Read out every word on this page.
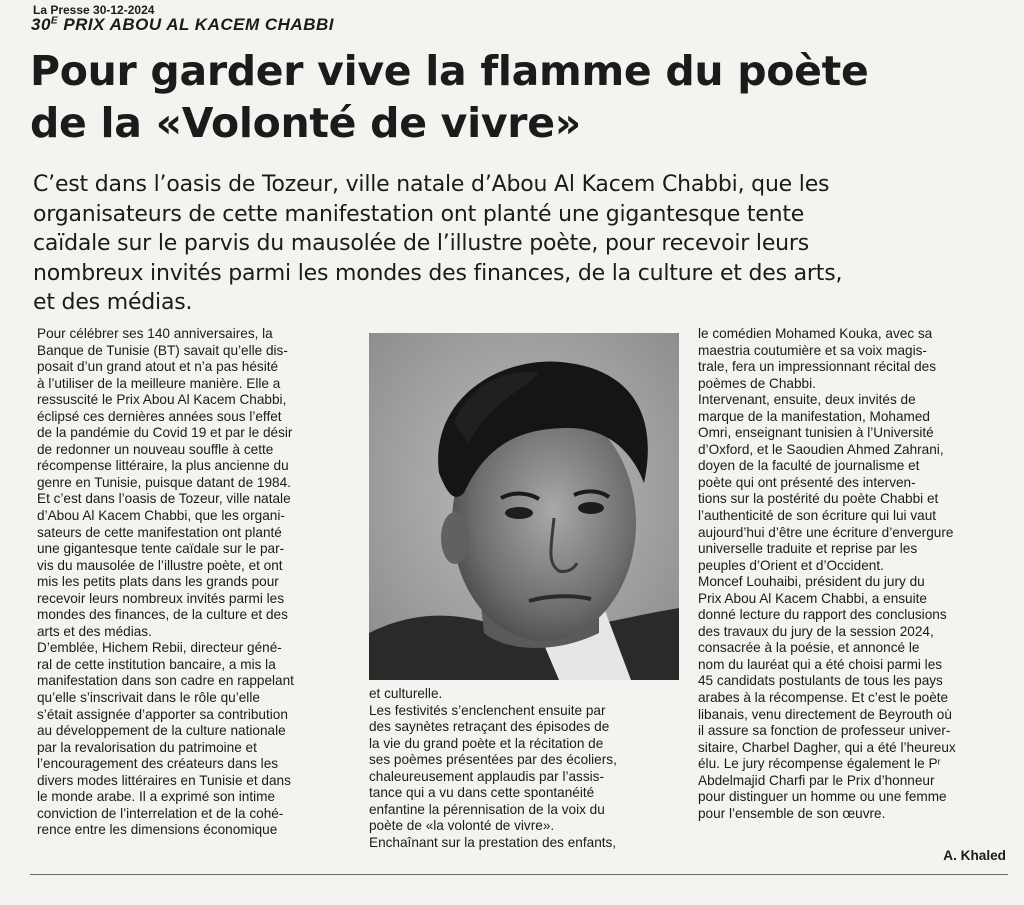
La Presse 30-12-2024
$30^E$ PRIX ABOU AL KACEM CHABBI
Pour garder vive la flamme du poète
de la «Volonté de vivre»
C’est dans l’oasis de Tozeur, ville natale d’Abou Al Kacem Chabbi, que les
organisateurs de cette manifestation ont planté une gigantesque tente
caïdale sur le parvis du mausolée de l’illustre poète, pour recevoir leurs
nombreux invités parmi les mondes des finances, de la culture et des arts,
et des médias.
Pour célébrer ses 140 anniversaires, la
Banque de Tunisie (BT) savait qu’elle dis-
posait d’un grand atout et n’a pas hésité
à l’utiliser de la meilleure manière. Elle a
ressuscité le Prix Abou Al Kacem Chabbi,
éclipsé ces dernières années sous l’effet
de la pandémie du Covid 19 et par le désir
de redonner un nouveau souffle à cette
récompense littéraire, la plus ancienne du
genre en Tunisie, puisque datant de 1984.
Et c’est dans l’oasis de Tozeur, ville natale
d’Abou Al Kacem Chabbi, que les organi-
sateurs de cette manifestation ont planté
une gigantesque tente caïdale sur le par-
vis du mausolée de l’illustre poète, et ont
mis les petits plats dans les grands pour
recevoir leurs nombreux invités parmi les
mondes des finances, de la culture et des
arts et des médias.
D’emblée, Hichem Rebii, directeur géné-
ral de cette institution bancaire, a mis la
manifestation dans son cadre en rappelant
qu’elle s’inscrivait dans le rôle qu’elle
s’était assignée d’apporter sa contribution
au développement de la culture nationale
par la revalorisation du patrimoine et
l’encouragement des créateurs dans les
divers modes littéraires en Tunisie et dans
le monde arabe. Il a exprimé son intime
conviction de l’interrelation et de la cohé-
rence entre les dimensions économique
et culturelle.
Les festivités s’enclenchent ensuite par
des saynètes retraçant des épisodes de
la vie du grand poète et la récitation de
ses poèmes présentées par des écoliers,
chaleureusement applaudis par l’assis-
tance qui a vu dans cette spontanéité
enfantine la pérennisation de la voix du
poète de «la volonté de vivre».
Enchaînant sur la prestation des enfants,
le comédien Mohamed Kouka, avec sa
maestria coutumière et sa voix magis-
trale, fera un impressionnant récital des
poèmes de Chabbi.
Intervenant, ensuite, deux invités de
marque de la manifestation, Mohamed
Omri, enseignant tunisien à l’Université
d’Oxford, et le Saoudien Ahmed Zahrani,
doyen de la faculté de journalisme et
poète qui ont présenté des interven-
tions sur la postérité du poète Chabbi et
l’authenticité de son écriture qui lui vaut
aujourd’hui d’être une écriture d’envergure
universelle traduite et reprise par les
peuples d’Orient et d’Occident.
Moncef Louhaibi, président du jury du
Prix Abou Al Kacem Chabbi, a ensuite
donné lecture du rapport des conclusions
des travaux du jury de la session 2024,
consacrée à la poésie, et annoncé le
nom du lauréat qui a été choisi parmi les
45 candidats postulants de tous les pays
arabes à la récompense. Et c’est le poète
libanais, venu directement de Beyrouth où
il assure sa fonction de professeur univer-
sitaire, Charbel Dagher, qui a été l’heureux
élu. Le jury récompense également le Pʳ
Abdelmajid Charfi par le Prix d’honneur
pour distinguer un homme ou une femme
pour l’ensemble de son œuvre.
A. Khaled
